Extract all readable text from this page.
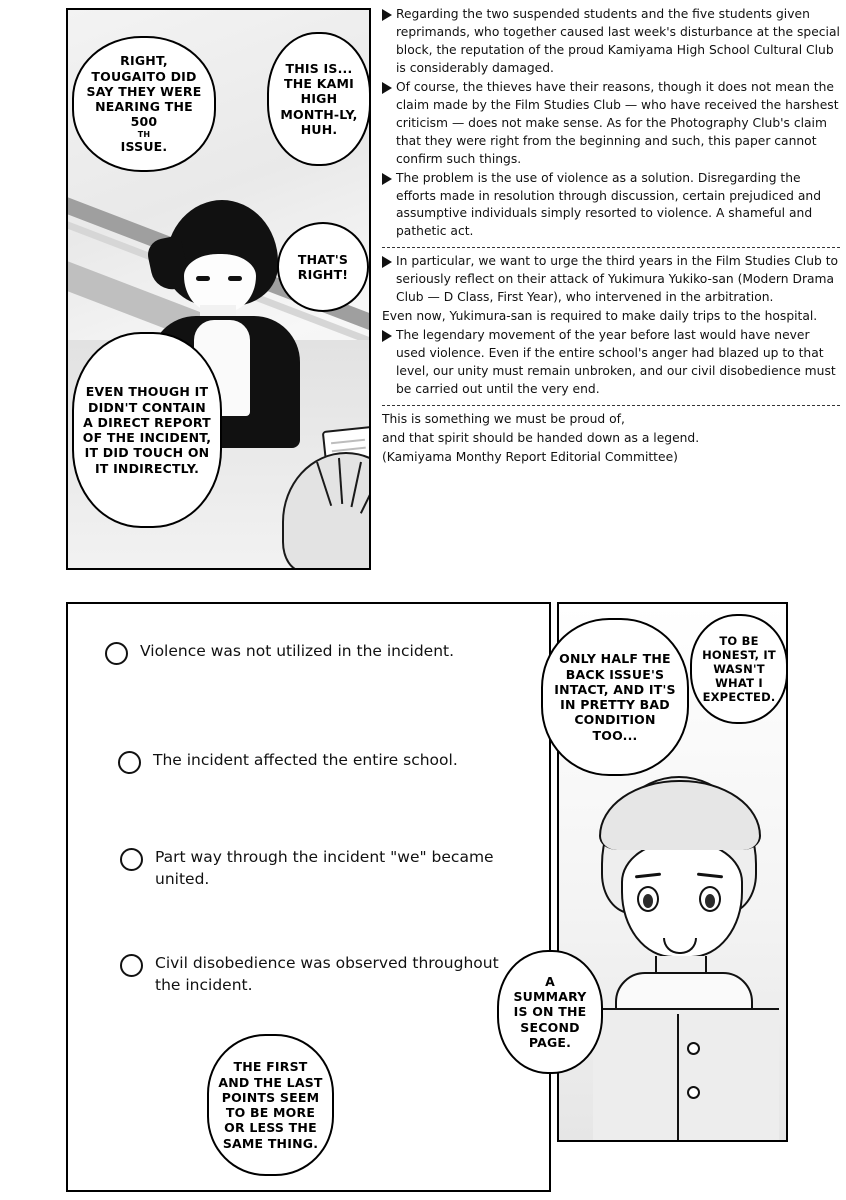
RIGHT, TOUGAITO DID SAY THEY WERE NEARING THE 500
TH
ISSUE.
THIS IS... THE KAMI HIGH MONTH-LY, HUH.
THAT'S RIGHT!
EVEN THOUGH IT DIDN'T CONTAIN A DIRECT REPORT OF THE INCIDENT, IT DID TOUCH ON IT INDIRECTLY.

Regarding the two suspended students and the five students given reprimands, who together caused last week's disturbance at the special block, the reputation of the proud Kamiyama High School Cultural Club is considerably damaged.

Of course, the thieves have their reasons, though it does not mean the claim made by the Film Studies Club — who have received the harshest criticism — does not make sense. As for the Photography Club's claim that they were right from the beginning and such, this paper cannot confirm such things.

The problem is the use of violence as a solution. Disregarding the efforts made in resolution through discussion, certain prejudiced and assumptive individuals simply resorted to violence. A shameful and pathetic act.

In particular, we want to urge the third years in the Film Studies Club to seriously reflect on their attack of Yukimura Yukiko-san (Modern Drama Club — D Class, First Year), who intervened in the arbitration.

Even now, Yukimura-san is required to make daily trips to the hospital.

The legendary movement of the year before last would have never used violence. Even if the entire school's anger had blazed up to that level, our unity must remain unbroken, and our civil disobedience must be carried out until the very end.

This is something we must be proud of,

and that spirit should be handed down as a legend.

(Kamiyama Monthy Report Editorial Committee)

Violence was not utilized in the incident.
The incident affected the entire school.
Part way through the incident "we" became united.
Civil disobedience was observed throughout the incident.
THE FIRST AND THE LAST POINTS SEEM TO BE MORE OR LESS THE SAME THING.
ONLY HALF THE BACK ISSUE'S INTACT, AND IT'S IN PRETTY BAD CONDITION TOO...
TO BE HONEST, IT WASN'T WHAT I EXPECTED.
A SUMMARY IS ON THE SECOND PAGE.
